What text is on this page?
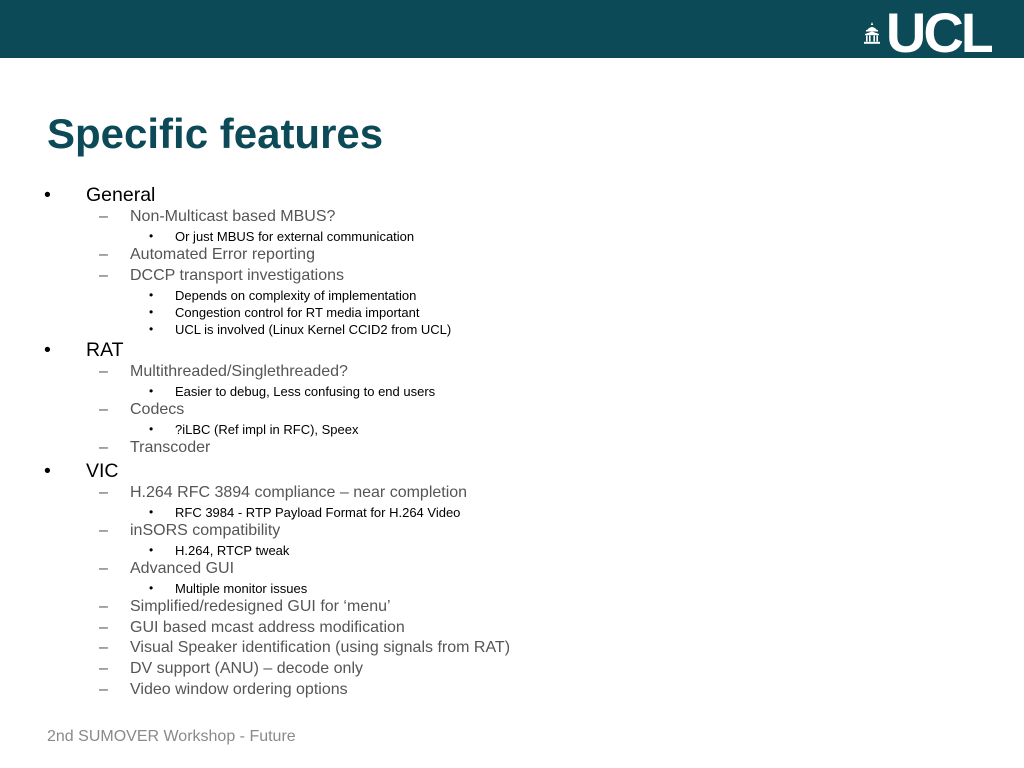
UCL
Specific features
• General
– Non-Multicast based MBUS?
• Or just MBUS for external communication
– Automated Error reporting
– DCCP transport investigations
• Depends on complexity of implementation
• Congestion control for RT media important
• UCL is involved (Linux Kernel CCID2 from UCL)
• RAT
– Multithreaded/Singlethreaded?
• Easier to debug, Less confusing to end users
– Codecs
• ?iLBC (Ref impl in RFC), Speex
– Transcoder
• VIC
– H.264 RFC 3894 compliance – near completion
• RFC 3984 - RTP Payload Format for H.264 Video
– inSORS compatibility
• H.264, RTCP tweak
– Advanced GUI
• Multiple monitor issues
– Simplified/redesigned GUI for ‘menu’
– GUI based mcast address modification
– Visual Speaker identification (using signals from RAT)
– DV support (ANU) – decode only
– Video window ordering options
2nd SUMOVER Workshop - Future
